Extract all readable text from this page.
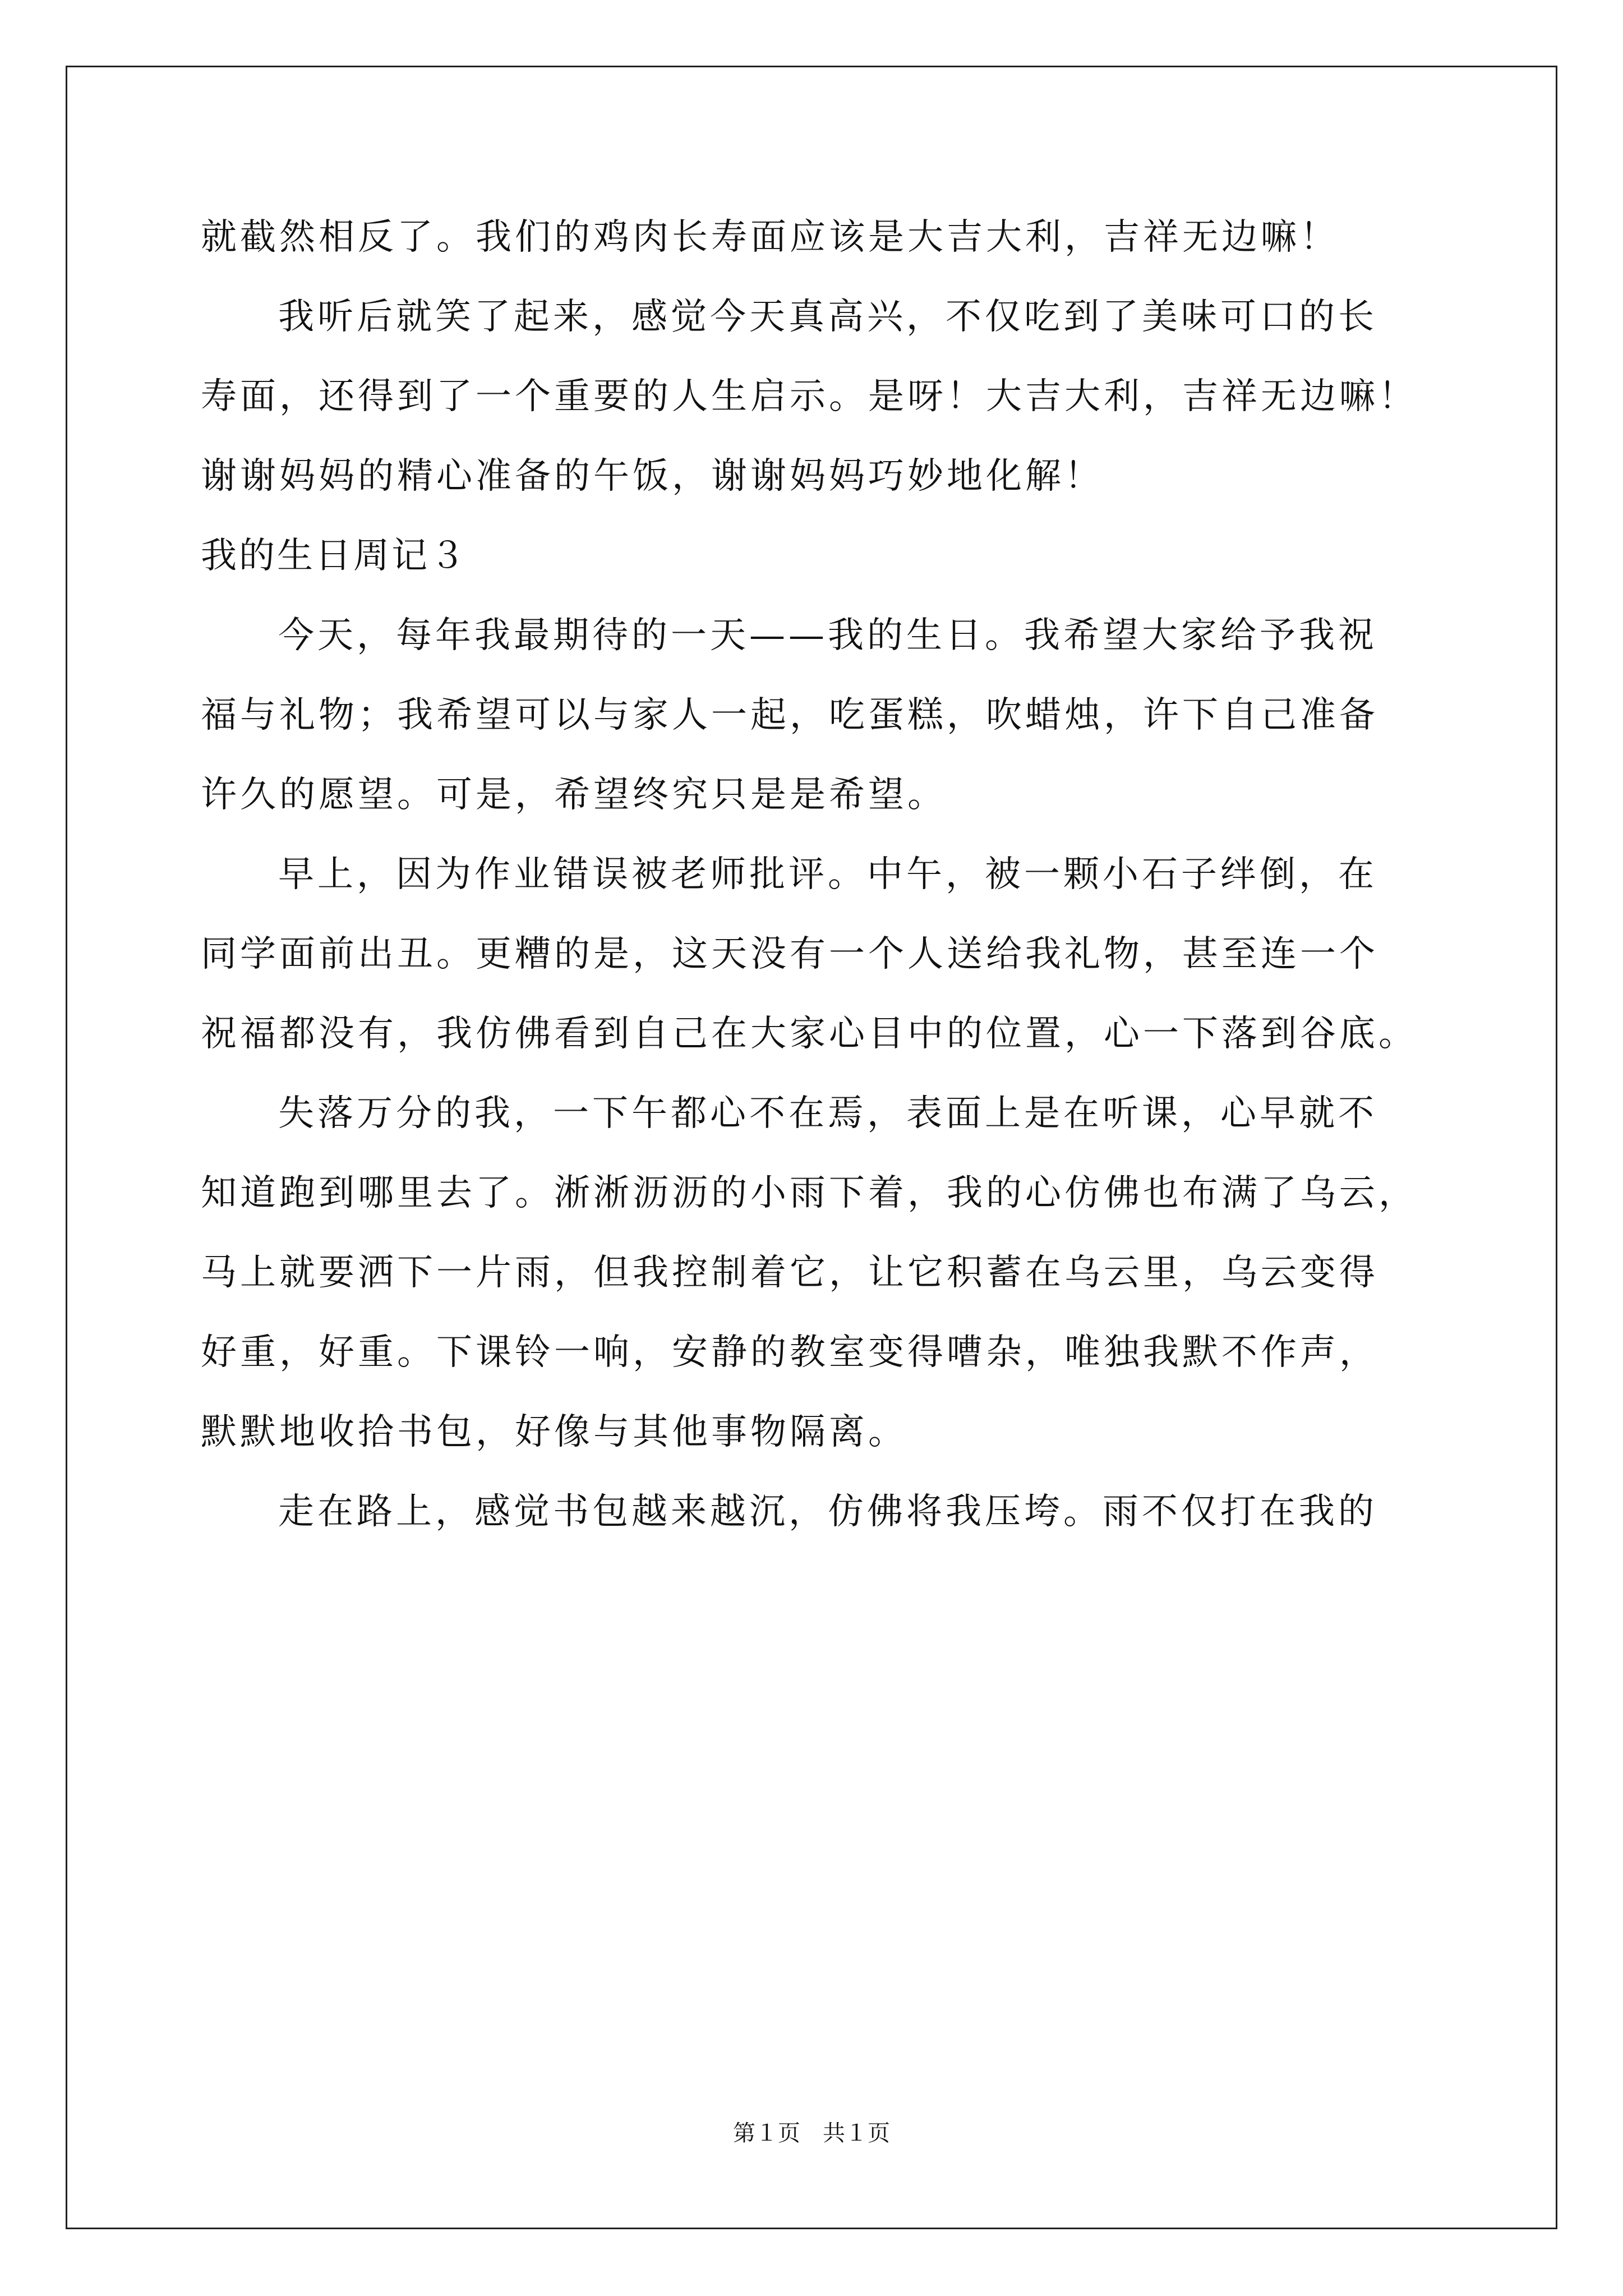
就截然相反了。我们的鸡肉长寿面应该是大吉大利，吉祥无边嘛！
我听后就笑了起来，感觉今天真高兴，不仅吃到了美味可口的长
寿面，还得到了一个重要的人生启示。是呀！大吉大利，吉祥无边嘛！
谢谢妈妈的精心准备的午饭，谢谢妈妈巧妙地化解！
我的生日周记３
今天，每年我最期待的一天——我的生日。我希望大家给予我祝
福与礼物；我希望可以与家人一起，吃蛋糕，吹蜡烛，许下自己准备
许久的愿望。可是，希望终究只是是希望。
早上，因为作业错误被老师批评。中午，被一颗小石子绊倒，在
同学面前出丑。更糟的是，这天没有一个人送给我礼物，甚至连一个
祝福都没有，我仿佛看到自己在大家心目中的位置，心一下落到谷底。
失落万分的我，一下午都心不在焉，表面上是在听课，心早就不
知道跑到哪里去了。淅淅沥沥的小雨下着，我的心仿佛也布满了乌云，
马上就要洒下一片雨，但我控制着它，让它积蓄在乌云里，乌云变得
好重，好重。下课铃一响，安静的教室变得嘈杂，唯独我默不作声，
默默地收拾书包，好像与其他事物隔离。
走在路上，感觉书包越来越沉，仿佛将我压垮。雨不仅打在我的
第１页 共１页
